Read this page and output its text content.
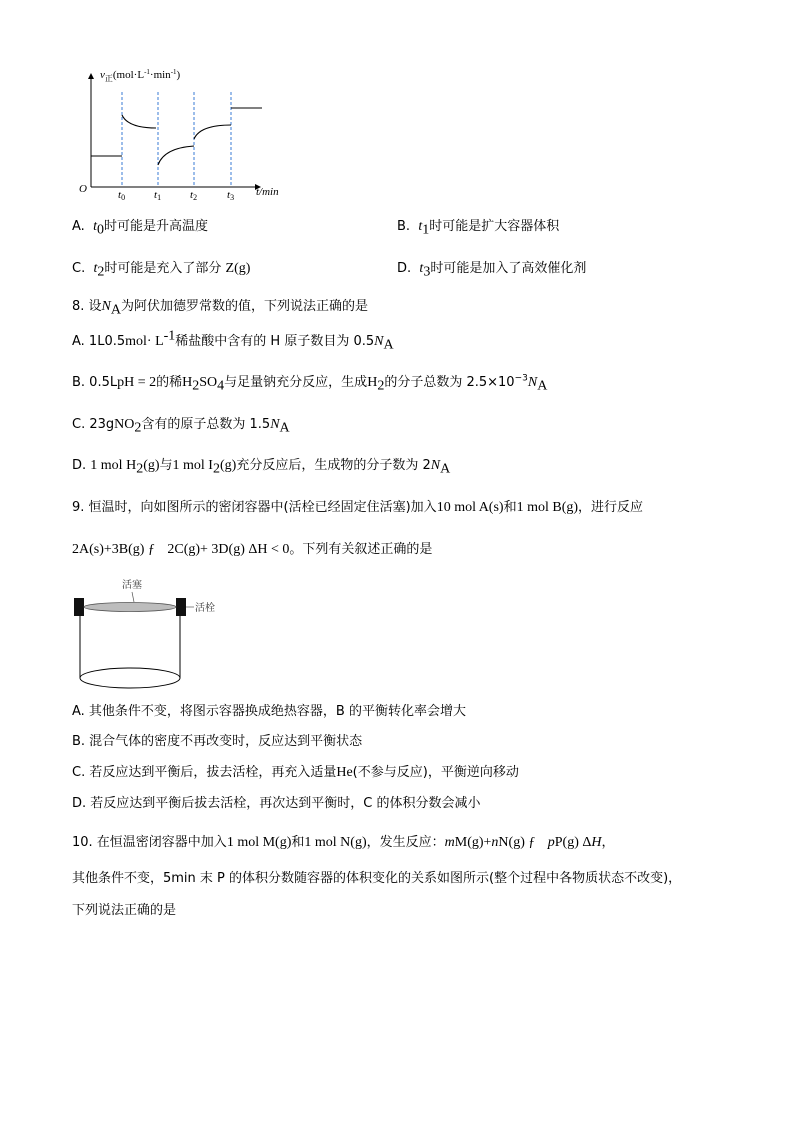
$v_正(mol\cdot L^{-1}\cdot\min^{-1})$
O	t0	t1	t2	t3 t/min
A. $t_0$时可能是升高温度	B. $t_1$时可能是扩大容器体积
C. $t_2$时可能是充入了部分 Z(g)	D. $t_3$时可能是加入了高效催化剂
8. 设$N_A$为阿伏加德罗常数的值，下列说法正确的是
A. $1L0.5mol\cdot L^{-1}$稀盐酸中含有的 H 原子数目为 $0.5N_A$
B. 0.5LpH = 2的稀$H_2SO_4$与足量钠充分反应，生成$H_2$的分子总数为 $2.5\times 10^{-3}N_A$
C. 23gNO$_2$含有的原子总数为 $1.5N_A$
D. 1 mol $H_2(g)$与1 mol $I_2(g)$充分反应后，生成物的分子数为 $2N_A$
9. 恒温时，向如图所示的密闭容器中(活栓已经固定住活塞)加入10 mol A(s)和1 mol B(g)，进行反应
2A(s)+3B(g) ƒ 2C(g)+ 3D(g) ΔH < 0。下列有关叙述正确的是
活塞
活栓
A. 其他条件不变，将图示容器换成绝热容器，B 的平衡转化率会增大
B. 混合气体的密度不再改变时，反应达到平衡状态
C. 若反应达到平衡后，拔去活栓，再充入适量He(不参与反应)，平衡逆向移动
D. 若反应达到平衡后拔去活栓，再次达到平衡时，C 的体积分数会减小
10. 在恒温密闭容器中加入1 mol M(g)和1 mol N(g)，发生反应：mM(g)+nN(g) ƒ pP(g) ΔH，
其他条件不变，5min 末 P 的体积分数随容器的体积变化的关系如图所示(整个过程中各物质状态不改变)，
下列说法正确的是
